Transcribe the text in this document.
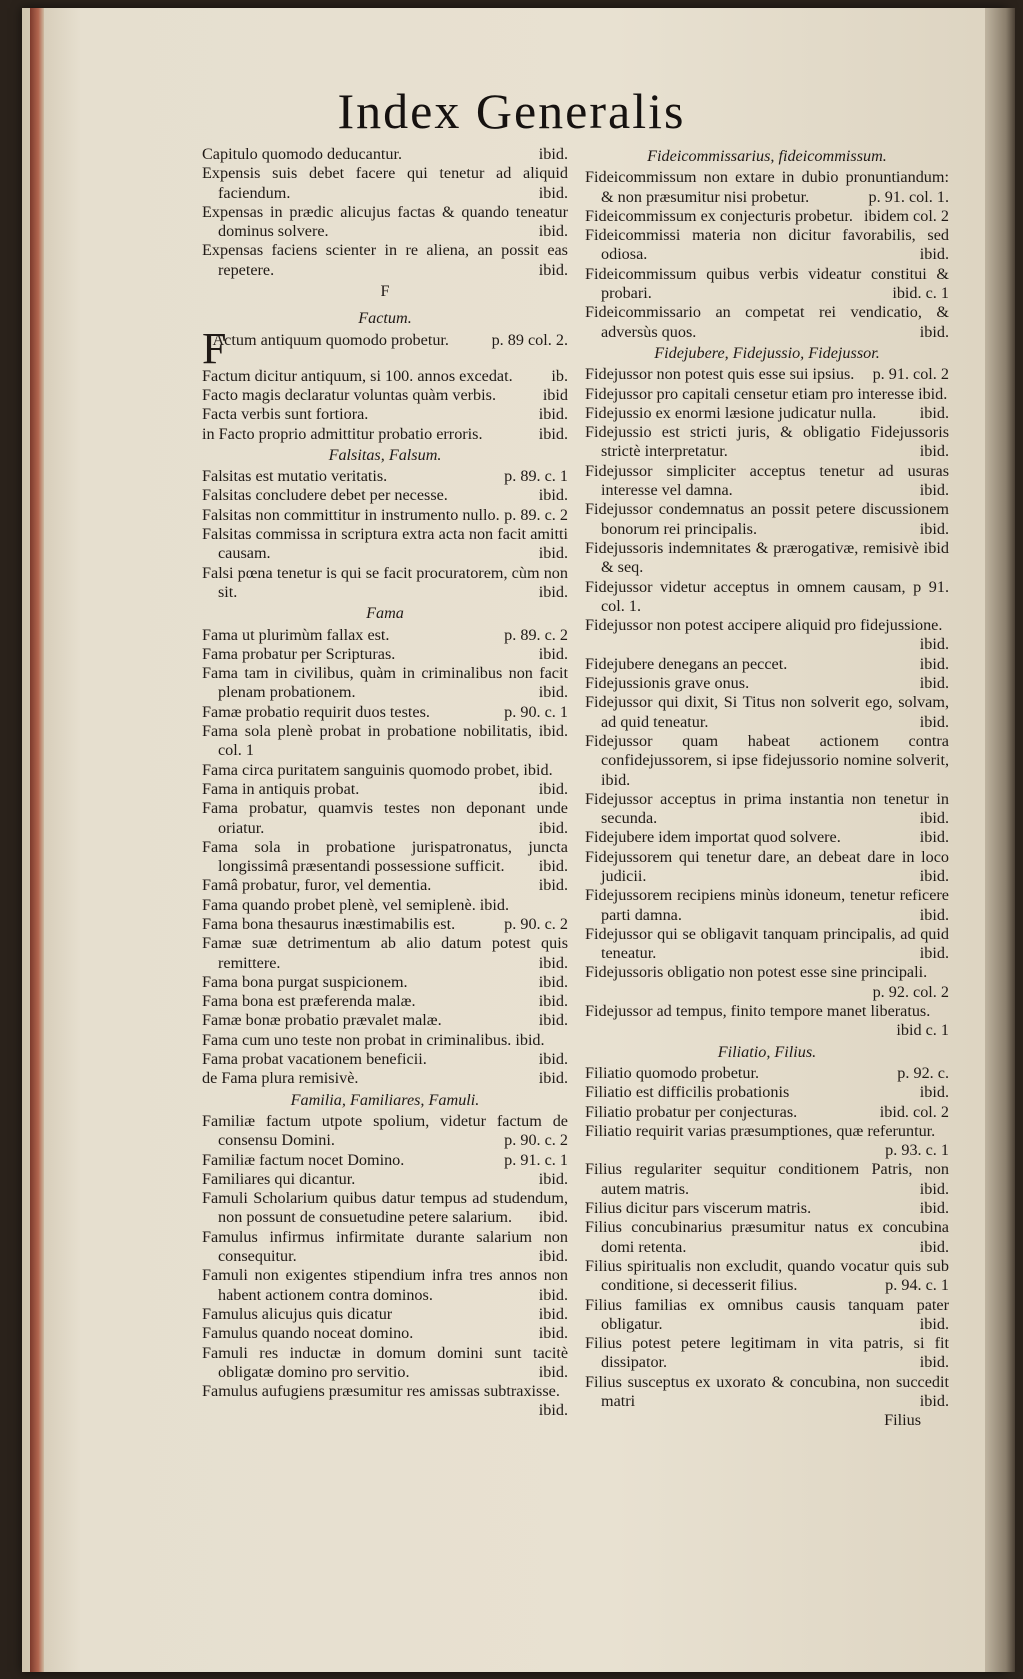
Index Generalis
Capitulo quomodo deducantur.	ibid.
Expensis suis debet facere qui tenetur ad aliquid faciendum.	ibid.
Expensas in prædic alicujus factas & quando teneatur dominus solvere.	ibid.
Expensas faciens scienter in re aliena, an possit eas repetere.	ibid.
F
Factum.
F
Actum antiquum quomodo probetur.	p. 89 col. 2.
Factum dicitur antiquum, si 100. annos excedat. ib.
Facto magis declaratur voluntas quàm verbis.	ibid
Facta verbis sunt fortiora.	ibid.
in Facto proprio admittitur probatio erroris.	ibid.
Falsitas, Falsum.
Falsitas est mutatio veritatis.	p. 89. c. 1
Falsitas concludere debet per necesse.	ibid.
Falsitas non committitur in instrumento nullo. p. 89. c. 2
Falsitas commissa in scriptura extra acta non facit amitti causam.	ibid.
Falsi pœna tenetur is qui se facit procuratorem, cùm non sit.	ibid.
Fama
Fama ut plurimùm fallax est.	p. 89. c. 2
Fama probatur per Scripturas.	ibid.
Fama tam in civilibus, quàm in criminalibus non facit plenam probationem.	ibid.
Famæ probatio requirit duos testes.	p. 90. c. 1
Fama sola plenè probat in probatione nobilitatis, ibid. col. 1
Fama circa puritatem sanguinis quomodo probet, ibid.
Fama in antiquis probat.	ibid.
Fama probatur, quamvis testes non deponant unde oriatur.	ibid.
Fama sola in probatione jurispatronatus, juncta longissimâ præsentandi possessione sufficit. ibid.
Famâ probatur, furor, vel dementia.	ibid.
Fama quando probet plenè, vel semiplenè. ibid.
Fama bona thesaurus inæstimabilis est.	p. 90. c. 2
Famæ suæ detrimentum ab alio datum potest quis remittere.	ibid.
Fama bona purgat suspicionem.	ibid.
Fama bona est præferenda malæ.	ibid.
Famæ bonæ probatio prævalet malæ.	ibid.
Fama cum uno teste non probat in criminalibus. ibid.
Fama probat vacationem beneficii.	ibid.
de Fama plura remisivè.	ibid.
Familia, Familiares, Famuli.
Familiæ factum utpote spolium, videtur factum de consensu Domini.	p. 90. c. 2
Familiæ factum nocet Domino.	p. 91. c. 1
Familiares qui dicantur.	ibid.
Famuli Scholarium quibus datur tempus ad studendum, non possunt de consuetudine petere salarium. ibid.
Famulus infirmus infirmitate durante salarium non consequitur.	ibid.
Famuli non exigentes stipendium infra tres annos non habent actionem contra dominos.	ibid.
Famulus alicujus quis dicatur	ibid.
Famulus quando noceat domino.	ibid.
Famuli res inductæ in domum domini sunt tacitè obligatæ domino pro servitio.	ibid.
Famulus aufugiens præsumitur res amissas subtraxisse.
ibid.
Fideicommissarius, fideicommissum.
Fideicommissum non extare in dubio pronuntiandum: & non præsumitur nisi probetur.	p. 91. col. 1.
Fideicommissum ex conjecturis probetur. ibidem col. 2
Fideicommissi materia non dicitur favorabilis, sed odiosa.	ibid.
Fideicommissum quibus verbis videatur constitui & probari.	ibid. c. 1
Fideicommissario an competat rei vendicatio, & adversùs quos.	ibid.
Fidejubere, Fidejussio, Fidejussor.
Fidejussor non potest quis esse sui ipsius. p. 91. col. 2
Fidejussor pro capitali censetur etiam pro interesse ibid.
Fidejussio ex enormi læsione judicatur nulla.	ibid.
Fidejussio est stricti juris, & obligatio Fidejussoris strictè interpretatur.	ibid.
Fidejussor simpliciter acceptus tenetur ad usuras interesse vel damna.	ibid.
Fidejussor condemnatus an possit petere discussionem bonorum rei principalis.	ibid.
Fidejussoris indemnitates & prærogativæ, remisivè ibid & seq.
Fidejussor videtur acceptus in omnem causam, p 91. col. 1.
Fidejussor non potest accipere aliquid pro fidejussione.
ibid.
Fidejubere denegans an peccet.	ibid.
Fidejussionis grave onus.	ibid.
Fidejussor qui dixit, Si Titus non solverit ego, solvam, ad quid teneatur.	ibid.
Fidejussor quam habeat actionem contra confidejussorem, si ipse fidejussorio nomine solverit, ibid.
Fidejussor acceptus in prima instantia non tenetur in secunda.	ibid.
Fidejubere idem importat quod solvere.	ibid.
Fidejussorem qui tenetur dare, an debeat dare in loco judicii.	ibid.
Fidejussorem recipiens minùs idoneum, tenetur reficere parti damna.	ibid.
Fidejussor qui se obligavit tanquam principalis, ad quid teneatur.	ibid.
Fidejussoris obligatio non potest esse sine principali.
p. 92. col. 2
Fidejussor ad tempus, finito tempore manet liberatus.
ibid c. 1
Filiatio, Filius.
Filiatio quomodo probetur.	p. 92. c.
Filiatio est difficilis probationis	ibid.
Filiatio probatur per conjecturas.	ibid. col. 2
Filiatio requirit varias præsumptiones, quæ referuntur.
p. 93. c. 1
Filius regulariter sequitur conditionem Patris, non autem matris.	ibid.
Filius dicitur pars viscerum matris.	ibid.
Filius concubinarius præsumitur natus ex concubina domi retenta.	ibid.
Filius spiritualis non excludit, quando vocatur quis sub conditione, si decesserit filius.	p. 94. c. 1
Filius familias ex omnibus causis tanquam pater obligatur.	ibid.
Filius potest petere legitimam in vita patris, si fit dissipator.	ibid.
Filius susceptus ex uxorato & concubina, non succedit matri	ibid.
Filius
